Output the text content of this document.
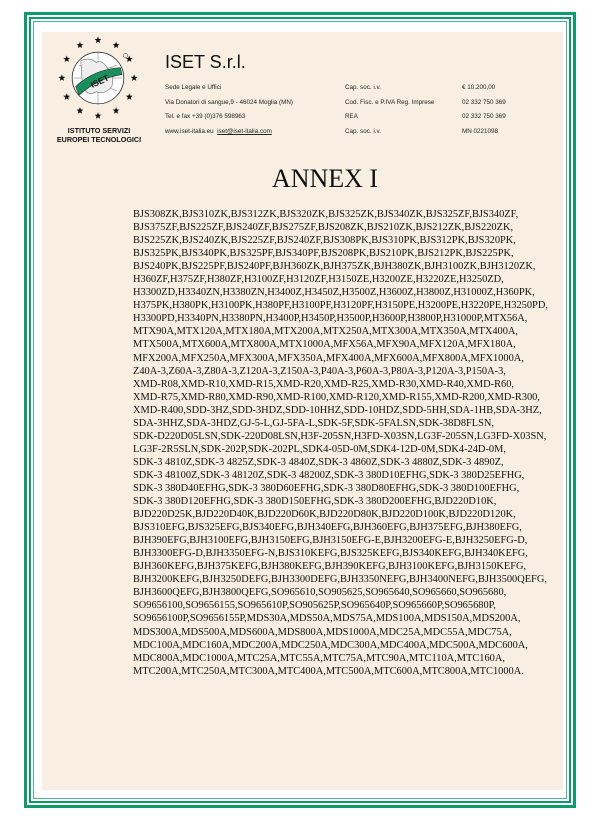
ISET
ISTITUTO SERVIZI
EUROPEI TECNOLOGICI
ISET S.r.l.
Sede Legale e Uffici
Via Donatori di sangue,9 - 46024 Moglia (MN)
Tel. e fax +39 (0)376 598963
www.iset-italia.eu iset@iset-italia.com
Cap. soc. i.v.
Cod. Fisc. e P.IVA Reg. Imprese
REA
Cap. soc. i.v.
€ 10.200,00
02 332 750 369
02 332 750 369
MN 0221098
ANNEX I
BJS308ZK,BJS310ZK,BJS312ZK,BJS320ZK,BJS325ZK,BJS340ZK,BJS325ZF,BJS340ZF,
BJS375ZF,BJS225ZF,BJS240ZF,BJS275ZF,BJS208ZK,BJS210ZK,BJS212ZK,BJS220ZK,
BJS225ZK,BJS240ZK,BJS225ZF,BJS240ZF,BJS308PK,BJS310PK,BJS312PK,BJS320PK,
BJS325PK,BJS340PK,BJS325PF,BJS340PF,BJS208PK,BJS210PK,BJS212PK,BJS225PK,
BJS240PK,BJS225PF,BJS240PF,BJH360ZK,BJH375ZK,BJH380ZK,BJH3100ZK,BJH3120ZK,
H360ZF,H375ZF,H380ZF,H3100ZF,H3120ZF,H3150ZE,H3200ZE,H3220ZE,H3250ZD,
H3300ZD,H3340ZN,H3380ZN,H3400Z,H3450Z,H3500Z,H3600Z,H3800Z,H31000Z,H360PK,
H375PK,H380PK,H3100PK,H380PF,H3100PF,H3120PF,H3150PE,H3200PE,H3220PE,H3250PD,
H3300PD,H3340PN,H3380PN,H3400P,H3450P,H3500P,H3600P,H3800P,H31000P,MTX56A,
MTX90A,MTX120A,MTX180A,MTX200A,MTX250A,MTX300A,MTX350A,MTX400A,
MTX500A,MTX600A,MTX800A,MTX1000A,MFX56A,MFX90A,MFX120A,MFX180A,
MFX200A,MFX250A,MFX300A,MFX350A,MFX400A,MFX600A,MFX800A,MFX1000A,
Z40A-3,Z60A-3,Z80A-3,Z120A-3,Z150A-3,P40A-3,P60A-3,P80A-3,P120A-3,P150A-3,
XMD-R08,XMD-R10,XMD-R15,XMD-R20,XMD-R25,XMD-R30,XMD-R40,XMD-R60,
XMD-R75,XMD-R80,XMD-R90,XMD-R100,XMD-R120,XMD-R155,XMD-R200,XMD-R300,
XMD-R400,SDD-3HZ,SDD-3HDZ,SDD-10HHZ,SDD-10HDZ,SDD-5HH,SDA-1HB,SDA-3HZ,
SDA-3HHZ,SDA-3HDZ,GJ-5-L,GJ-5FA-L,SDK-5F,SDK-5FALSN,SDK-38D8FLSN,
SDK-D220D05LSN,SDK-220D08LSN,H3F-205SN,H3FD-X03SN,LG3F-205SN,LG3FD-X03SN,
LG3F-2R5SLN,SDK-202P,SDK-202PL,SDK4-05D-0M,SDK4-12D-0M,SDK4-24D-0M,
SDK-3 4810Z,SDK-3 4825Z,SDK-3 4840Z,SDK-3 4860Z,SDK-3 4880Z,SDK-3 4890Z,
SDK-3 48100Z,SDK-3 48120Z,SDK-3 48200Z,SDK-3 380D10EFHG,SDK-3 380D25EFHG,
SDK-3 380D40EFHG,SDK-3 380D60EFHG,SDK-3 380D80EFHG,SDK-3 380D100EFHG,
SDK-3 380D120EFHG,SDK-3 380D150EFHG,SDK-3 380D200EFHG,BJD220D10K,
BJD220D25K,BJD220D40K,BJD220D60K,BJD220D80K,BJD220D100K,BJD220D120K,
BJS310EFG,BJS325EFG,BJS340EFG,BJH340EFG,BJH360EFG,BJH375EFG,BJH380EFG,
BJH390EFG,BJH3100EFG,BJH3150EFG,BJH3150EFG-E,BJH3200EFG-E,BJH3250EFG-D,
BJH3300EFG-D,BJH3350EFG-N,BJS310KEFG,BJS325KEFG,BJS340KEFG,BJH340KEFG,
BJH360KEFG,BJH375KEFG,BJH380KEFG,BJH390KEFG,BJH3100KEFG,BJH3150KEFG,
BJH3200KEFG,BJH3250DEFG,BJH3300DEFG,BJH3350NEFG,BJH3400NEFG,BJH3500QEFG,
BJH3600QEFG,BJH3800QEFG,SO965610,SO905625,SO965640,SO965660,SO965680,
SO9656100,SO9656155,SO965610P,SO905625P,SO965640P,SO965660P,SO965680P,
SO9656100P,SO9656155P,MDS30A,MDS50A,MDS75A,MDS100A,MDS150A,MDS200A,
MDS300A,MDS500A,MDS600A,MDS800A,MDS1000A,MDC25A,MDC55A,MDC75A,
MDC100A,MDC160A,MDC200A,MDC250A,MDC300A,MDC400A,MDC500A,MDC600A,
MDC800A,MDC1000A,MTC25A,MTC55A,MTC75A,MTC90A,MTC110A,MTC160A,
MTC200A,MTC250A,MTC300A,MTC400A,MTC500A,MTC600A,MTC800A,MTC1000A.
